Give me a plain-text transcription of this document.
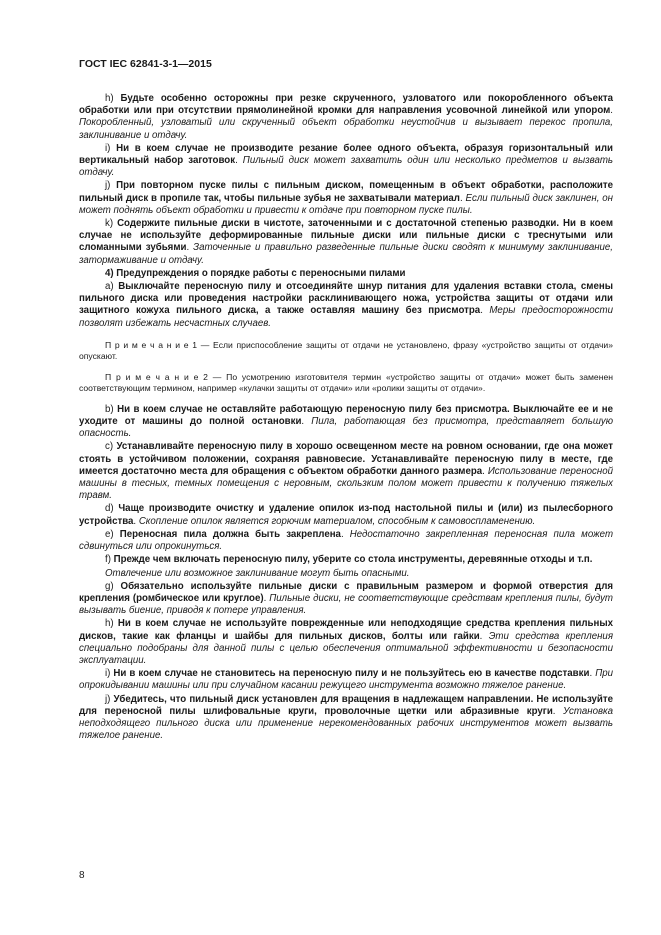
ГОСТ IEC 62841-3-1—2015

h) Будьте особенно осторожны при резке скрученного, узловатого или покоробленного объекта обработки или при отсутствии прямолинейной кромки для направления усовочной линейкой или упором. Покоробленный, узловатый или скрученный объект обработки неустойчив и вызывает перекос пропила, заклинивание и отдачу.

i) Ни в коем случае не производите резание более одного объекта, образуя горизонтальный или вертикальный набор заготовок. Пильный диск может захватить один или несколько предметов и вызвать отдачу.

j) При повторном пуске пилы с пильным диском, помещенным в объект обработки, расположите пильный диск в пропиле так, чтобы пильные зубья не захватывали материал. Если пильный диск заклинен, он может поднять объект обработки и привести к отдаче при повторном пуске пилы.

k) Содержите пильные диски в чистоте, заточенными и с достаточной степенью разводки. Ни в коем случае не используйте деформированные пильные диски или пильные диски с треснутыми или сломанными зубьями. Заточенные и правильно разведенные пильные диски сводят к минимуму заклинивание, затормаживание и отдачу.

4) Предупреждения о порядке работы с переносными пилами

a) Выключайте переносную пилу и отсоединяйте шнур питания для удаления вставки стола, смены пильного диска или проведения настройки расклинивающего ножа, устройства защиты от отдачи или защитного кожуха пильного диска, а также оставляя машину без присмотра. Меры предосторожности позволят избежать несчастных случаев.

П р и м е ч а н и е 1 — Если приспособление защиты от отдачи не установлено, фразу «устройство защиты от отдачи» опускают.

П р и м е ч а н и е 2 — По усмотрению изготовителя термин «устройство защиты от отдачи» может быть заменен соответствующим термином, например «кулачки защиты от отдачи» или «ролики защиты от отдачи».

b) Ни в коем случае не оставляйте работающую переносную пилу без присмотра. Выключайте ее и не уходите от машины до полной остановки. Пила, работающая без присмотра, представляет большую опасность.

c) Устанавливайте переносную пилу в хорошо освещенном месте на ровном основании, где она может стоять в устойчивом положении, сохраняя равновесие. Устанавливайте переносную пилу в месте, где имеется достаточно места для обращения с объектом обработки данного размера. Использование переносной машины в тесных, темных помещения с неровным, скользким полом может привести к получению тяжелых травм.

d) Чаще производите очистку и удаление опилок из-под настольной пилы и (или) из пылесборного устройства. Скопление опилок является горючим материалом, способным к самовоспламенению.

e) Переносная пила должна быть закреплена. Недостаточно закрепленная переносная пила может сдвинуться или опрокинуться.

f) Прежде чем включать переносную пилу, уберите со стола инструменты, деревянные отходы и т.п.

Отвлечение или возможное заклинивание могут быть опасными.

g) Обязательно используйте пильные диски с правильным размером и формой отверстия для крепления (ромбическое или круглое). Пильные диски, не соответствующие средствам крепления пилы, будут вызывать биение, приводя к потере управления.

h) Ни в коем случае не используйте поврежденные или неподходящие средства крепления пильных дисков, такие как фланцы и шайбы для пильных дисков, болты или гайки. Эти средства крепления специально подобраны для данной пилы с целью обеспечения оптимальной эффективности и безопасности эксплуатации.

i) Ни в коем случае не становитесь на переносную пилу и не пользуйтесь ею в качестве подставки. При опрокидывании машины или при случайном касании режущего инструмента возможно тяжелое ранение.

j) Убедитесь, что пильный диск установлен для вращения в надлежащем направлении. Не используйте для переносной пилы шлифовальные круги, проволочные щетки или абразивные круги. Установка неподходящего пильного диска или применение нерекомендованных рабочих инструментов может вызвать тяжелое ранение.

8
